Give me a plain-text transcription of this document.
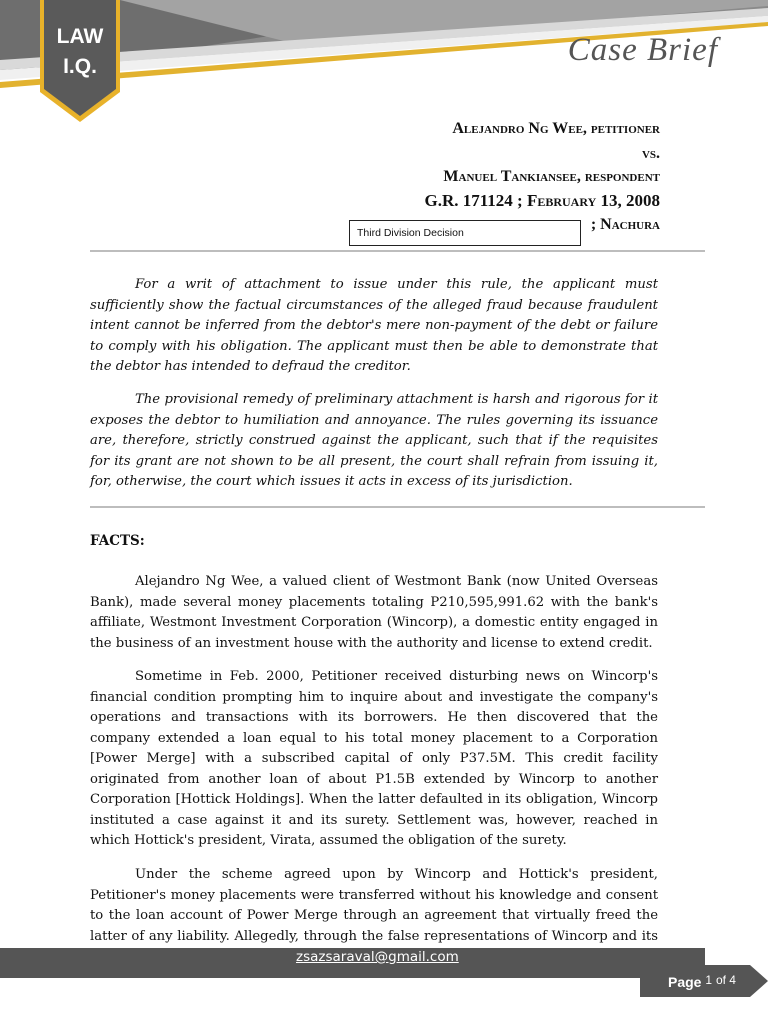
LAW
I.Q.	Case Brief
Alejandro Ng Wee, petitioner
vs.
Manuel Tankiansee, respondent
G.R. 171124 ; February 13, 2008
Third Division Decision	; Nachura
For a writ of attachment to issue under this rule, the applicant must sufficiently show the factual circumstances of the alleged fraud because fraudulent intent cannot be inferred from the debtor's mere non-payment of the debt or failure to comply with his obligation. The applicant must then be able to demonstrate that the debtor has intended to defraud the creditor.
The provisional remedy of preliminary attachment is harsh and rigorous for it exposes the debtor to humiliation and annoyance. The rules governing its issuance are, therefore, strictly construed against the applicant, such that if the requisites for its grant are not shown to be all present, the court shall refrain from issuing it, for, otherwise, the court which issues it acts in excess of its jurisdiction.
FACTS:
Alejandro Ng Wee, a valued client of Westmont Bank (now United Overseas Bank), made several money placements totaling P210,595,991.62 with the bank's affiliate, Westmont Investment Corporation (Wincorp), a domestic entity engaged in the business of an investment house with the authority and license to extend credit.
Sometime in Feb. 2000, Petitioner received disturbing news on Wincorp's financial condition prompting him to inquire about and investigate the company's operations and transactions with its borrowers. He then discovered that the company extended a loan equal to his total money placement to a Corporation [Power Merge] with a subscribed capital of only P37.5M. This credit facility originated from another loan of about P1.5B extended by Wincorp to another Corporation [Hottick Holdings]. When the latter defaulted in its obligation, Wincorp instituted a case against it and its surety. Settlement was, however, reached in which Hottick's president, Virata, assumed the obligation of the surety.
Under the scheme agreed upon by Wincorp and Hottick's president, Petitioner's money placements were transferred without his knowledge and consent to the loan account of Power Merge through an agreement that virtually freed the latter of any liability. Allegedly, through the false representations of Wincorp and its
zsazsaraval@gmail.com
Page 1 of 4
